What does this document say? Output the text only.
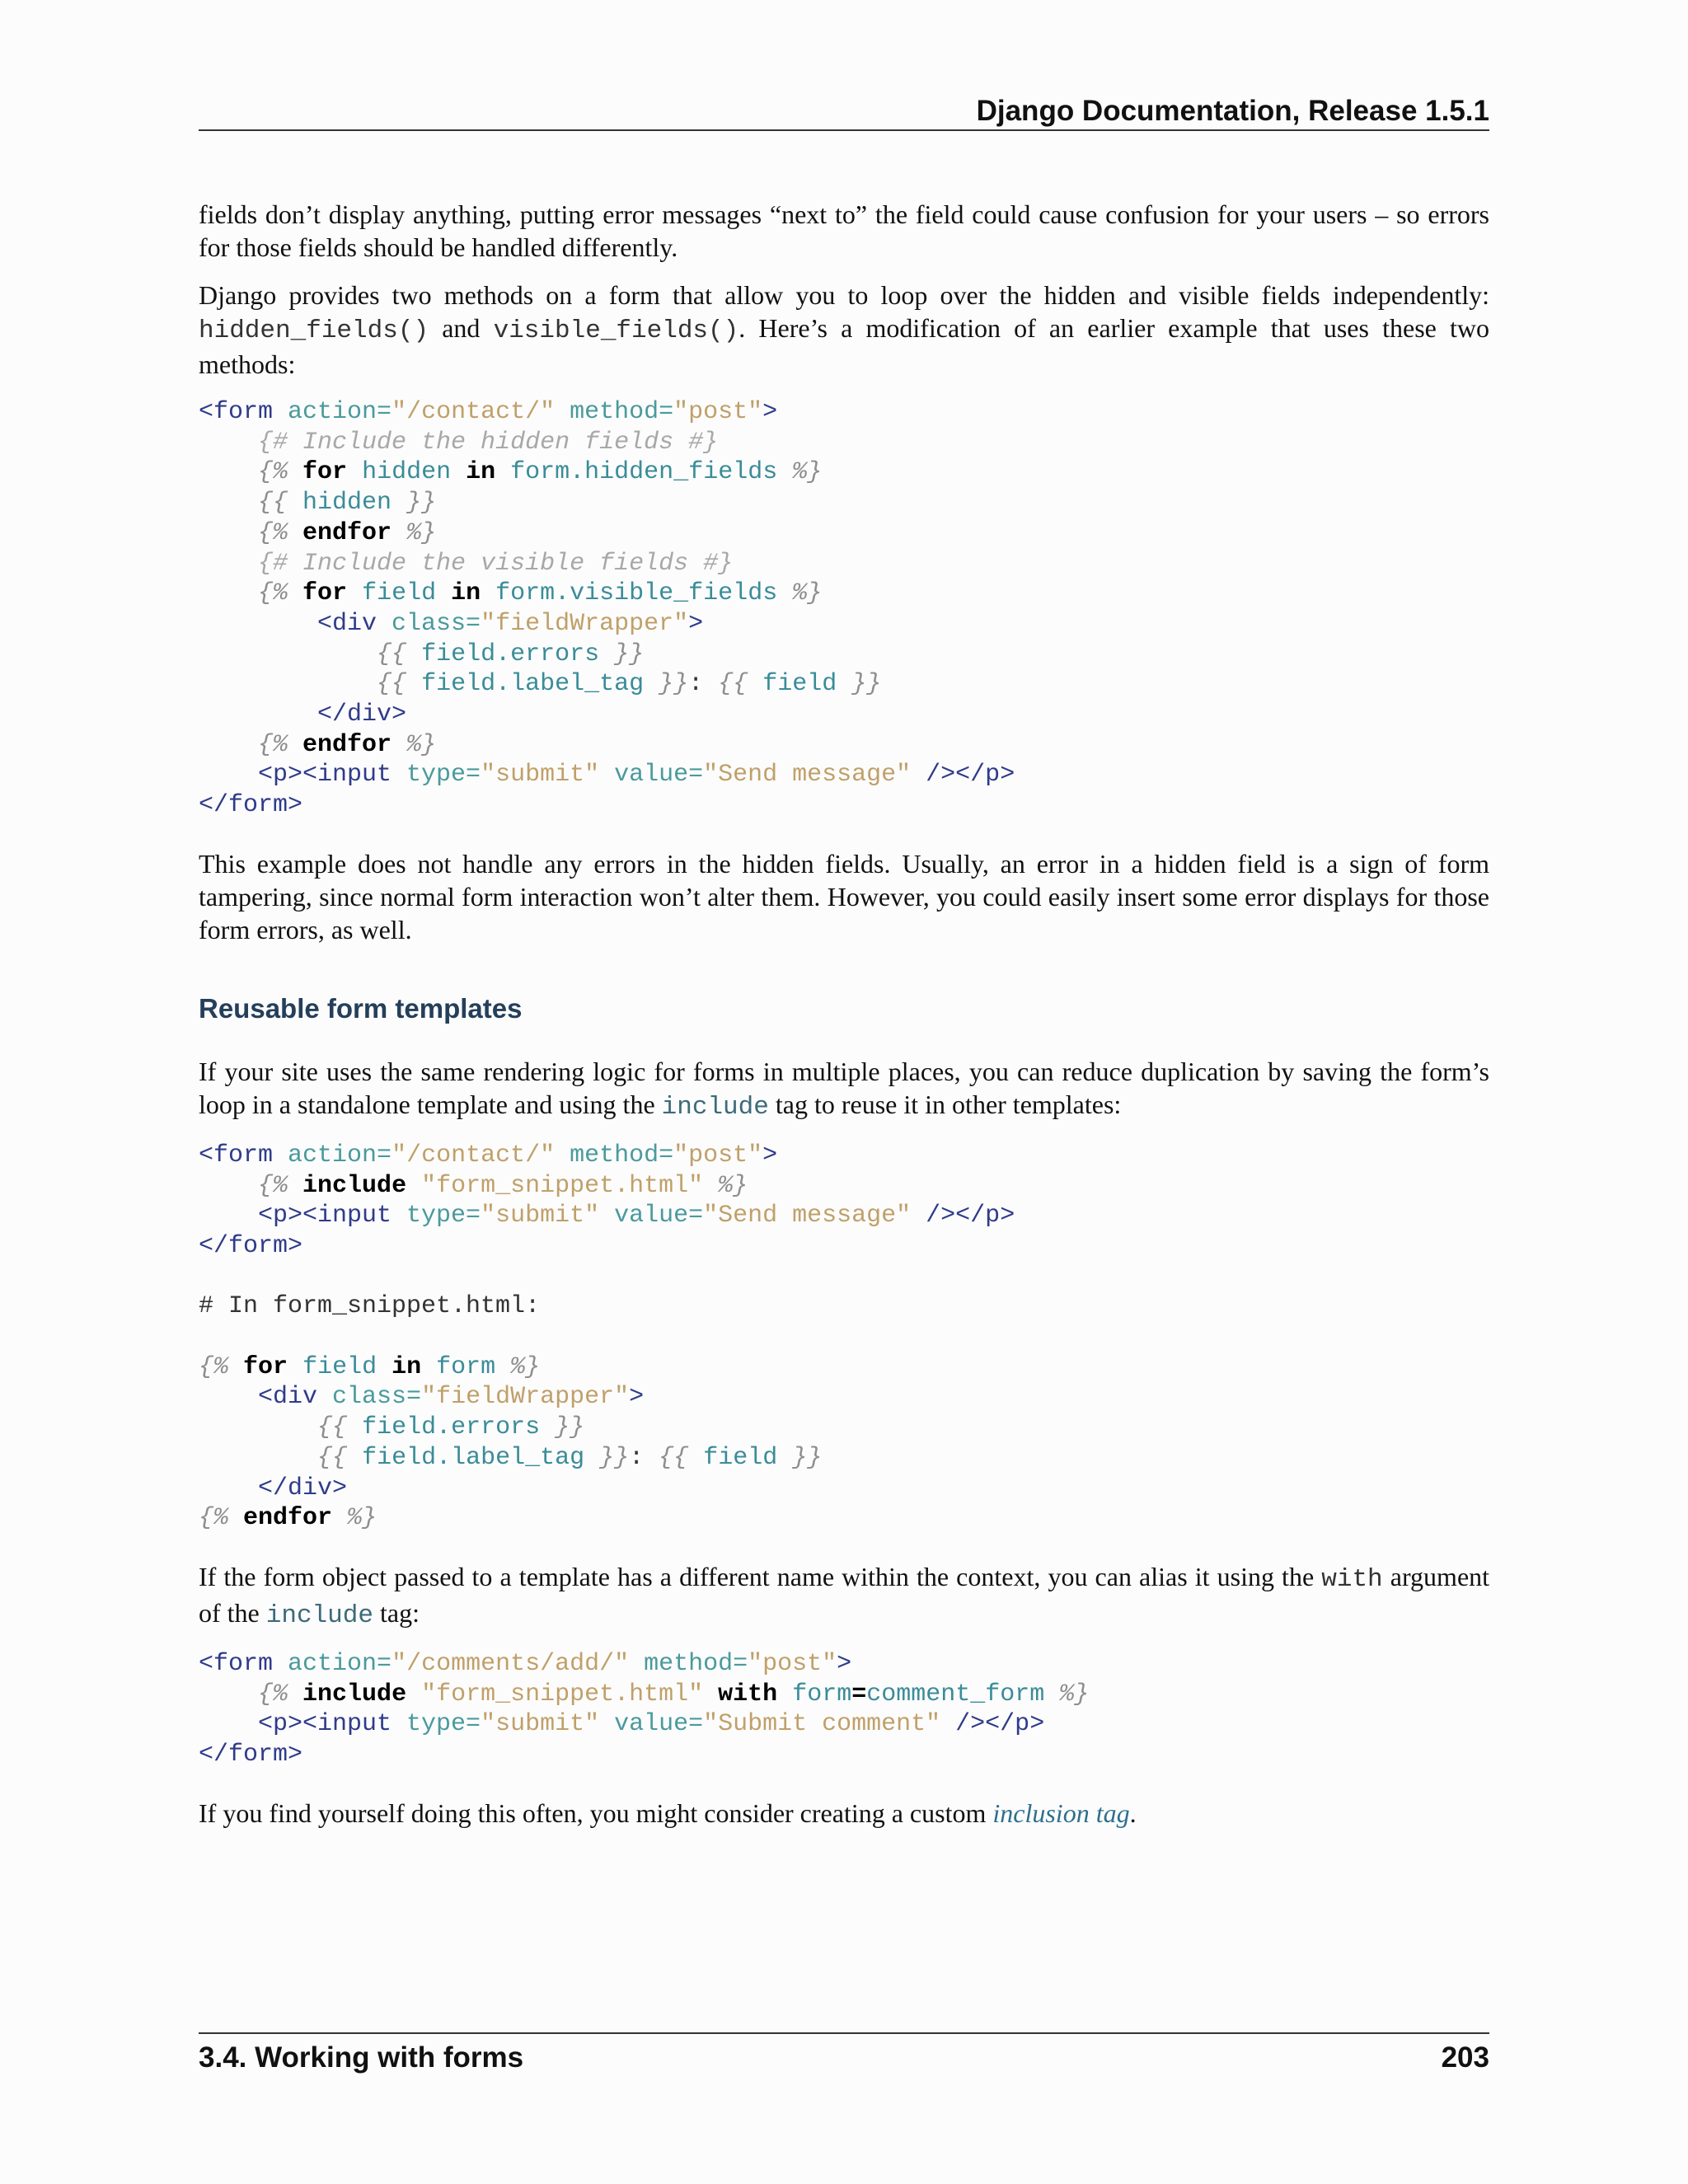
Django Documentation, Release 1.5.1

fields don’t display anything, putting error messages “next to” the field could cause confusion for your users – so errors for those fields should be handled differently.

Django provides two methods on a form that allow you to loop over the hidden and visible fields independently: hidden_fields() and visible_fields(). Here’s a modification of an earlier example that uses these two methods:

<form action="/contact/" method="post">
{# Include the hidden fields #}
{% for hidden in form.hidden_fields %}
{{ hidden }}
{% endfor %}
{# Include the visible fields #}
{% for field in form.visible_fields %}
<div class="fieldWrapper">
{{ field.errors }}
{{ field.label_tag }}: {{ field }}
</div>
{% endfor %}
<p><input type="submit" value="Send message" /></p>
</form>

This example does not handle any errors in the hidden fields. Usually, an error in a hidden field is a sign of form tampering, since normal form interaction won’t alter them. However, you could easily insert some error displays for those form errors, as well.

Reusable form templates

If your site uses the same rendering logic for forms in multiple places, you can reduce duplication by saving the form’s loop in a standalone template and using the include tag to reuse it in other templates:

<form action="/contact/" method="post">
{% include "form_snippet.html" %}
<p><input type="submit" value="Send message" /></p>
</form>

# In form_snippet.html:

{% for field in form %}
<div class="fieldWrapper">
{{ field.errors }}
{{ field.label_tag }}: {{ field }}
</div>
{% endfor %}

If the form object passed to a template has a different name within the context, you can alias it using the with argument of the include tag:

<form action="/comments/add/" method="post">
{% include "form_snippet.html" with form=comment_form %}
<p><input type="submit" value="Submit comment" /></p>
</form>

If you find yourself doing this often, you might consider creating a custom inclusion tag.

3.4. Working with forms	203
